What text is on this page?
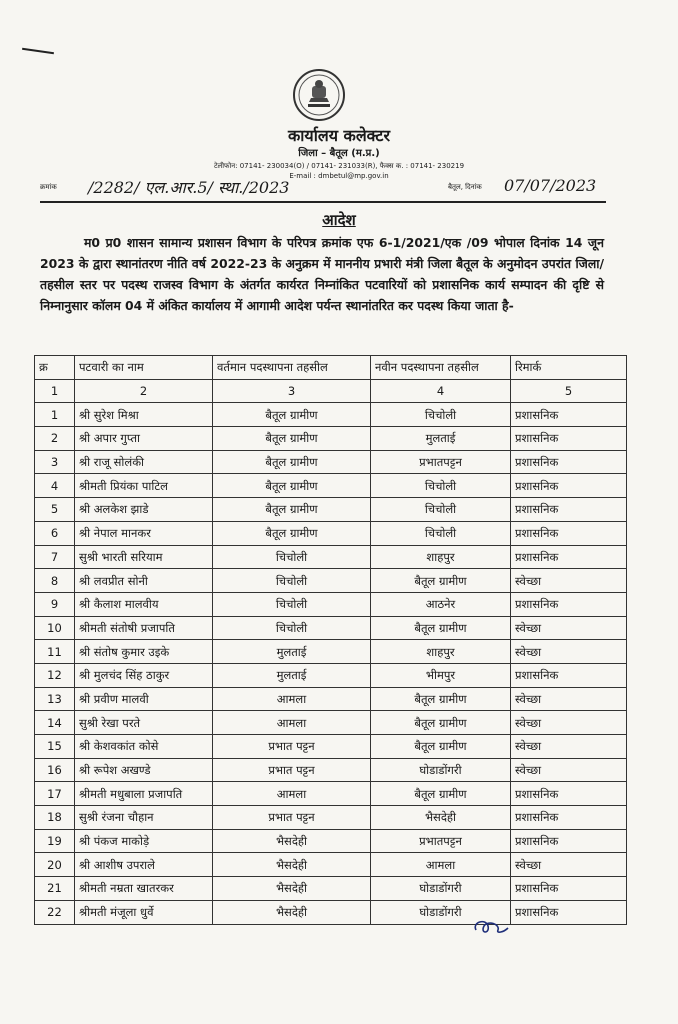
कार्यालय कलेक्टर
जिला – बैतूल (म.प्र.)
टेलीफोन: 07141- 230034(O) / 07141- 231033(R), फैक्स क. : 07141- 230219
E-mail : dmbetul@mp.gov.in
क्रमांक /2282/ एल.आर.5/ स्था./2023	बैतूल, दिनांक 07/07/2023
आदेश
म0 प्र0 शासन सामान्य प्रशासन विभाग के परिपत्र क्रमांक एफ 6-1/2021/एक /09 भोपाल दिनांक 14 जून 2023 के द्वारा स्थानांतरण नीति वर्ष 2022-23 के अनुक्रम में माननीय प्रभारी मंत्री जिला बैतूल के अनुमोदन उपरांत जिला/तहसील स्तर पर पदस्थ राजस्व विभाग के अंतर्गत कार्यरत निम्नांकित पटवारियों को प्रशासनिक कार्य सम्पादन की दृष्टि से निम्नानुसार कॉलम 04 में अंकित कार्यालय में आगामी आदेश पर्यन्त स्थानांतरित कर पदस्थ किया जाता है-
क्र	पटवारी का नाम	वर्तमान पदस्थापना तहसील	नवीन पदस्थापना तहसील	रिमार्क
1	2	3	4	5
1	श्री सुरेश मिश्रा	बैतूल ग्रामीण	चिचोली	प्रशासनिक
2	श्री अपार गुप्ता	बैतूल ग्रामीण	मुलताई	प्रशासनिक
3	श्री राजू सोलंकी	बैतूल ग्रामीण	प्रभातपट्टन	प्रशासनिक
4	श्रीमती प्रियंका पाटिल	बैतूल ग्रामीण	चिचोली	प्रशासनिक
5	श्री अलकेश झाडे	बैतूल ग्रामीण	चिचोली	प्रशासनिक
6	श्री नेपाल मानकर	बैतूल ग्रामीण	चिचोली	प्रशासनिक
7	सुश्री भारती सरियाम	चिचोली	शाहपुर	प्रशासनिक
8	श्री लवप्रीत सोनी	चिचोली	बैतूल ग्रामीण	स्वेच्छा
9	श्री कैलाश मालवीय	चिचोली	आठनेर	प्रशासनिक
10	श्रीमती संतोषी प्रजापति	चिचोली	बैतूल ग्रामीण	स्वेच्छा
11	श्री संतोष कुमार उइके	मुलताई	शाहपुर	स्वेच्छा
12	श्री मुलचंद सिंह ठाकुर	मुलताई	भीमपुर	प्रशासनिक
13	श्री प्रवीण मालवी	आमला	बैतूल ग्रामीण	स्वेच्छा
14	सुश्री रेखा परते	आमला	बैतूल ग्रामीण	स्वेच्छा
15	श्री केशवकांत कोसे	प्रभात पट्टन	बैतूल ग्रामीण	स्वेच्छा
16	श्री रूपेश अखण्डे	प्रभात पट्टन	घोडाडोंगरी	स्वेच्छा
17	श्रीमती मधुबाला प्रजापति	आमला	बैतूल ग्रामीण	प्रशासनिक
18	सुश्री रंजना चौहान	प्रभात पट्टन	भैसदेही	प्रशासनिक
19	श्री पंकज माकोड़े	भैसदेही	प्रभातपट्टन	प्रशासनिक
20	श्री आशीष उपराले	भैसदेही	आमला	स्वेच्छा
21	श्रीमती नम्रता खातरकर	भैसदेही	घोडाडोंगरी	प्रशासनिक
22	श्रीमती मंजूला धुर्वे	भैसदेही	घोडाडोंगरी	प्रशासनिक
